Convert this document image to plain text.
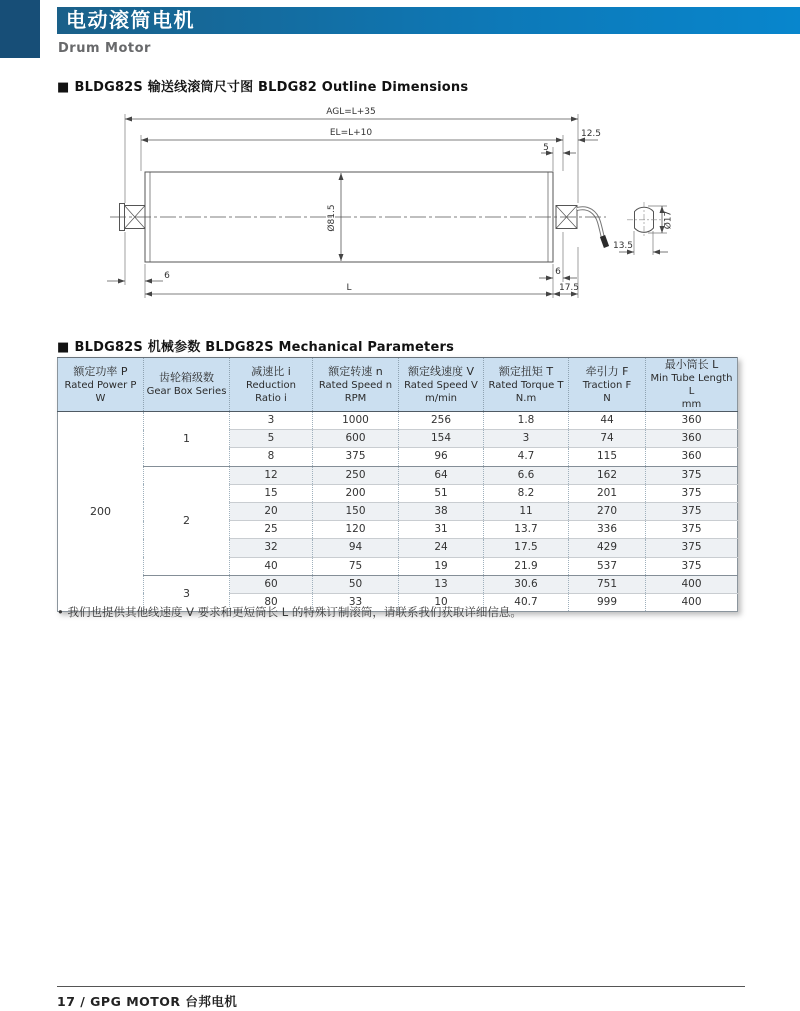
电动滚筒电机
Drum Motor
■ BLDG82S 输送线滚筒尺寸图 BLDG82 Outline Dimensions
AGL=L+35
EL=L+10	12.5
5
Ø81.5
6	6
L	17.5
Ø17
13.5
■ BLDG82S 机械参数 BLDG82S Mechanical Parameters
额定功率 P
Rated Power P
W

齿轮箱级数
Gear Box Series

减速比 i
Reduction Ratio i

额定转速 n
Rated Speed n
RPM

额定线速度 V
Rated Speed V
m/min

额定扭矩 T
Rated Torque T
N.m

牵引力 F
Traction F
N

最小筒长 L
Min Tube Length L
mm

200	1	3	1000	256	1.8	44	360
		5	600	154	3	74	360
		8	375	96	4.7	115	360
	2	12	250	64	6.6	162	375
		15	200	51	8.2	201	375
		20	150	38	11	270	375
		25	120	31	13.7	336	375
		32	94	24	17.5	429	375
		40	75	19	21.9	537	375
	3	60	50	13	30.6	751	400
		80	33	10	40.7	999	400
• 我们也提供其他线速度 V 要求和更短筒长 L 的特殊订制滚筒，请联系我们获取详细信息。
17 / GPG MOTOR 台邦电机
